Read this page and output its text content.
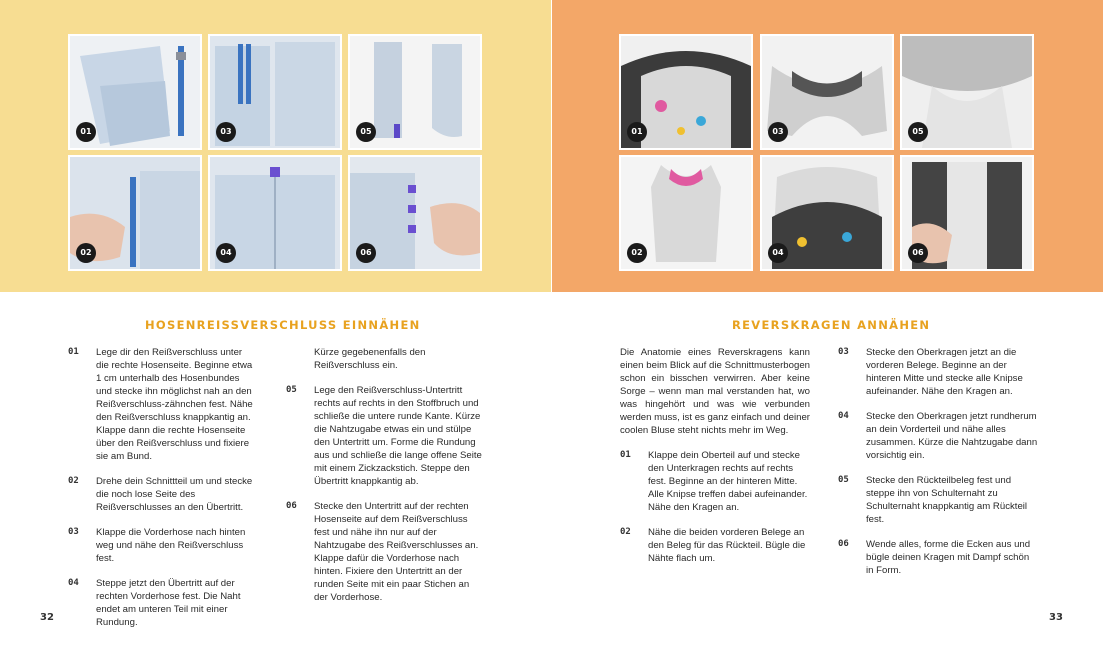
01	03	05
02	04	06
HOSENREISSVERSCHLUSS EINNÄHEN
01 Lege dir den Reißverschluss unter die rechte Hosenseite. Beginne etwa 1 cm unterhalb des Hosenbundes und stecke ihn möglichst nah an den Reißverschluss-zähnchen fest. Nähe den Reißverschluss knappkantig an. Klappe dann die rechte Hosenseite über den Reißverschluss und fixiere sie am Bund.
02 Drehe dein Schnittteil um und stecke die noch lose Seite des Reißverschlusses an den Übertritt.
03 Klappe die Vorderhose nach hinten weg und nähe den Reißverschluss fest.
04 Steppe jetzt den Übertritt auf der rechten Vorderhose fest. Die Naht endet am unteren Teil mit einer Rundung.
Kürze gegebenenfalls den Reißverschluss ein.
05 Lege den Reißverschluss-Untertritt rechts auf rechts in den Stoffbruch und schließe die untere runde Kante. Kürze die Nahtzugabe etwas ein und stülpe den Untertritt um. Forme die Rundung aus und schließe die lange offene Seite mit einem Zickzackstich. Steppe den Übertritt knappkantig ab.
06 Stecke den Untertritt auf der rechten Hosenseite auf dem Reißverschluss fest und nähe ihn nur auf der Nahtzugabe des Reißverschlusses an. Klappe dafür die Vorderhose nach hinten. Fixiere den Untertritt an der runden Seite mit ein paar Stichen an der Vorderhose.
32
01	03	05
02	04	06
REVERSKRAGEN ANNÄHEN
Die Anatomie eines Reverskragens kann einen beim Blick auf die Schnittmusterbogen schon ein bisschen verwirren. Aber keine Sorge – wenn man mal verstanden hat, wo was hingehört und was wie verbunden werden muss, ist es ganz einfach und deiner coolen Bluse steht nichts mehr im Weg.
01 Klappe dein Oberteil auf und stecke den Unterkragen rechts auf rechts fest. Beginne an der hinteren Mitte. Alle Knipse treffen dabei aufeinander. Nähe den Kragen an.
02 Nähe die beiden vorderen Belege an den Beleg für das Rückteil. Bügle die Nähte flach um.
03 Stecke den Oberkragen jetzt an die vorderen Belege. Beginne an der hinteren Mitte und stecke alle Knipse aufeinander. Nähe den Kragen an.
04 Stecke den Oberkragen jetzt rundherum an dein Vorderteil und nähe alles zusammen. Kürze die Nahtzugabe dann vorsichtig ein.
05 Stecke den Rückteilbeleg fest und steppe ihn von Schulternaht zu Schulternaht knappkantig am Rückteil fest.
06 Wende alles, forme die Ecken aus und bügle deinen Kragen mit Dampf schön in Form.
33
